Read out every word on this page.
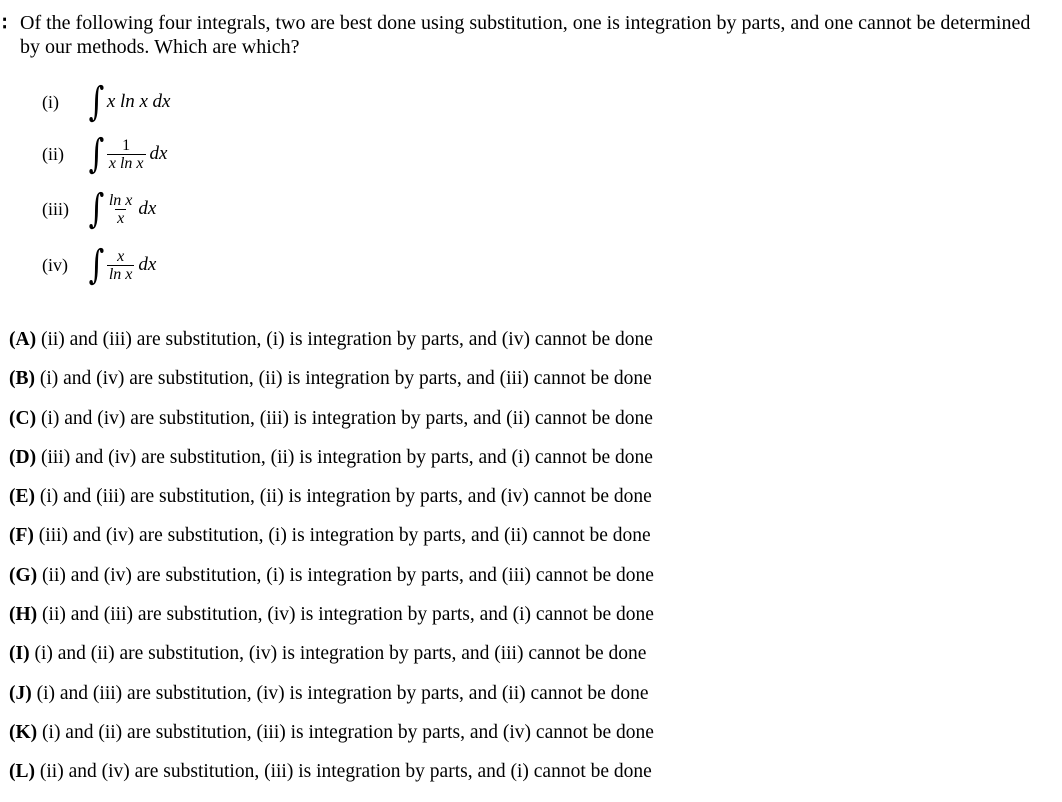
∶ Of the following four integrals, two are best done using substitution, one is integration by parts, and one cannot be determined by our methods. Which are which?
(i) ∫ x ln x
dx
(ii) ∫ $\frac{1}{\text{x ln x}}$ dx
(iii) ∫ $\frac{\text{ln x}}{x}$ dx
(iv) ∫ $\frac{x}{\text{ln x}}$ dx
(A) (ii) and (iii) are substitution, (i) is integration by parts, and (iv) cannot be done
(B) (i) and (iv) are substitution, (ii) is integration by parts, and (iii) cannot be done
(C) (i) and (iv) are substitution, (iii) is integration by parts, and (ii) cannot be done
(D) (iii) and (iv) are substitution, (ii) is integration by parts, and (i) cannot be done
(E) (i) and (iii) are substitution, (ii) is integration by parts, and (iv) cannot be done
(F) (iii) and (iv) are substitution, (i) is integration by parts, and (ii) cannot be done
(G) (ii) and (iv) are substitution, (i) is integration by parts, and (iii) cannot be done
(H) (ii) and (iii) are substitution, (iv) is integration by parts, and (i) cannot be done
(I) (i) and (ii) are substitution, (iv) is integration by parts, and (iii) cannot be done
(J) (i) and (iii) are substitution, (iv) is integration by parts, and (ii) cannot be done
(K) (i) and (ii) are substitution, (iii) is integration by parts, and (iv) cannot be done
(L) (ii) and (iv) are substitution, (iii) is integration by parts, and (i) cannot be done
